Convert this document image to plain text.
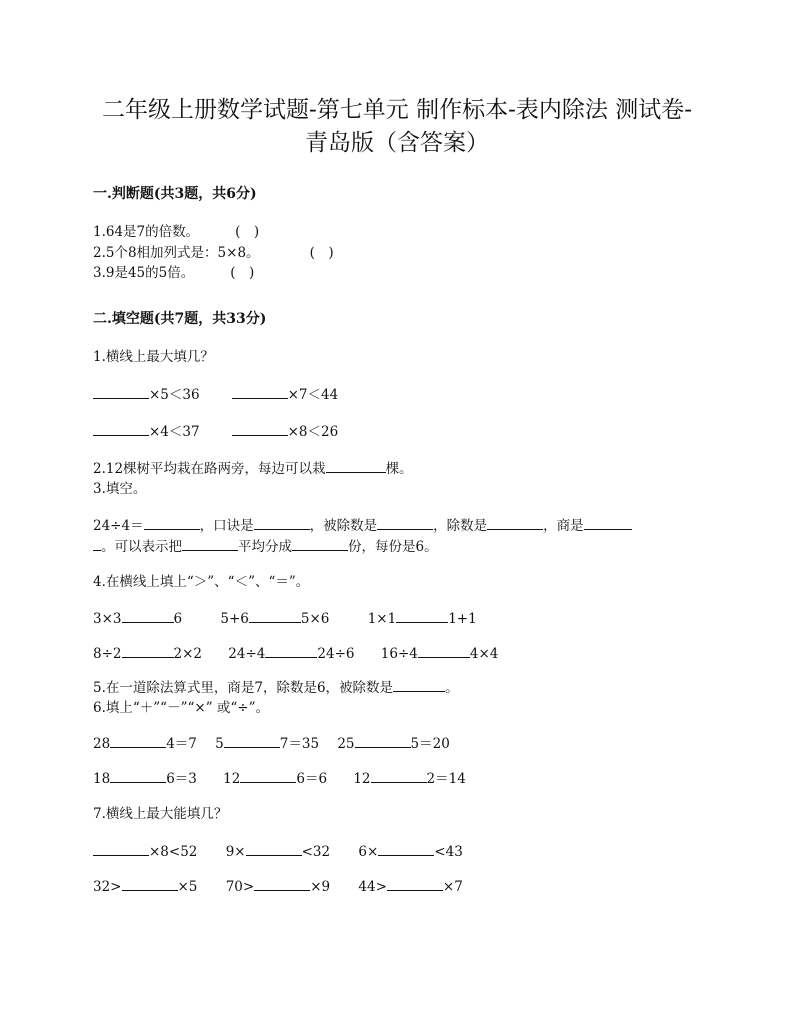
二年级上册数学试题-第七单元 制作标本-表内除法 测试卷-
青岛版（含答案）
一.判断题(共3题，共6分)
1.64是7的倍数。	(　)
2.5个8相加列式是：5×8。	(　)
3.9是45的5倍。	(　)
二.填空题(共7题，共33分)
1.横线上最大填几？
×5＜36	×7＜44
×4＜37	×8＜26
2.12棵树平均栽在路两旁，每边可以栽	棵。
3.填空。
24÷4＝	，口诀是	，被除数是	，除数是	，商是
。可以表示把	平均分成	份，每份是6。
4.在横线上填上“＞”、“＜”、“＝”。
3×3	6	5+6	5×6	1×1	1+1
8÷2	2×2 24÷4	24÷6 16÷4	4×4
5.在一道除法算式里，商是7，除数是6，被除数是	。
6.填上“＋”“－”“×” 或“÷”。
28	4＝7 5	7＝35 25	5＝20
18	6＝3 12	6＝6 12	2＝14
7.横线上最大能填几？
×8<52 9×	<32 6×	<43
32>	×5 70>	×9 44>	×7
